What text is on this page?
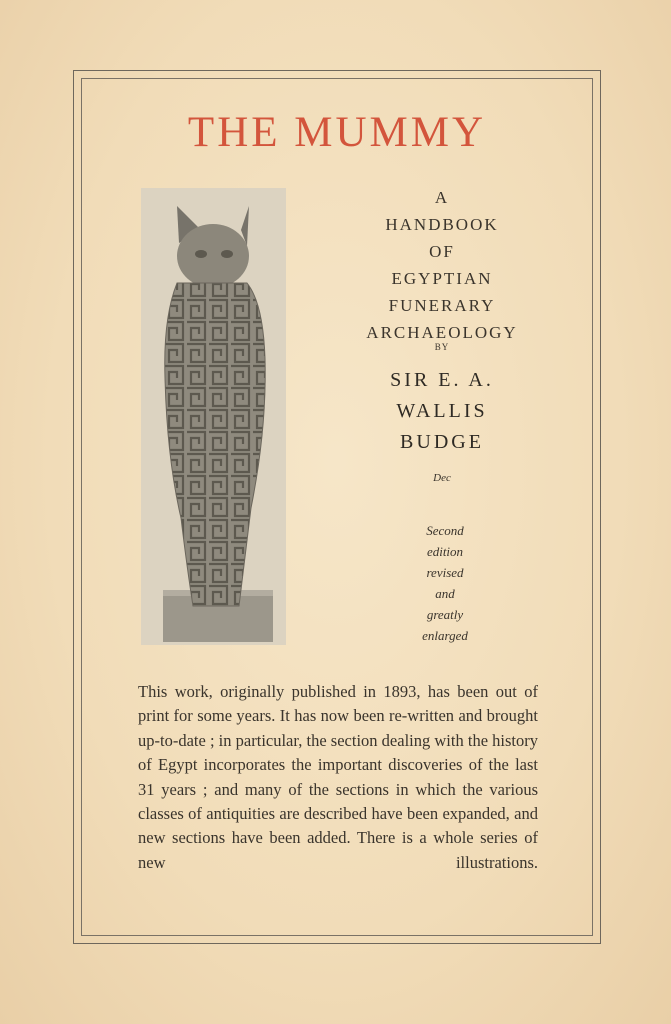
THE MUMMY
A
HANDBOOK
OF
EGYPTIAN
FUNERARY
ARCHAEOLOGY
BY
SIR E. A.
WALLIS
BUDGE
Dec
Second
edition
revised
and
greatly
enlarged
This work, originally published in 1893, has been out of print for some years. It has now been re-written and brought up-to-date ; in particular, the section dealing with the history of Egypt incorporates the important discoveries of the last 31 years ; and many of the sections in which the various classes of antiquities are described have been expanded, and new sections have been added. There is a whole series of new illustrations.
